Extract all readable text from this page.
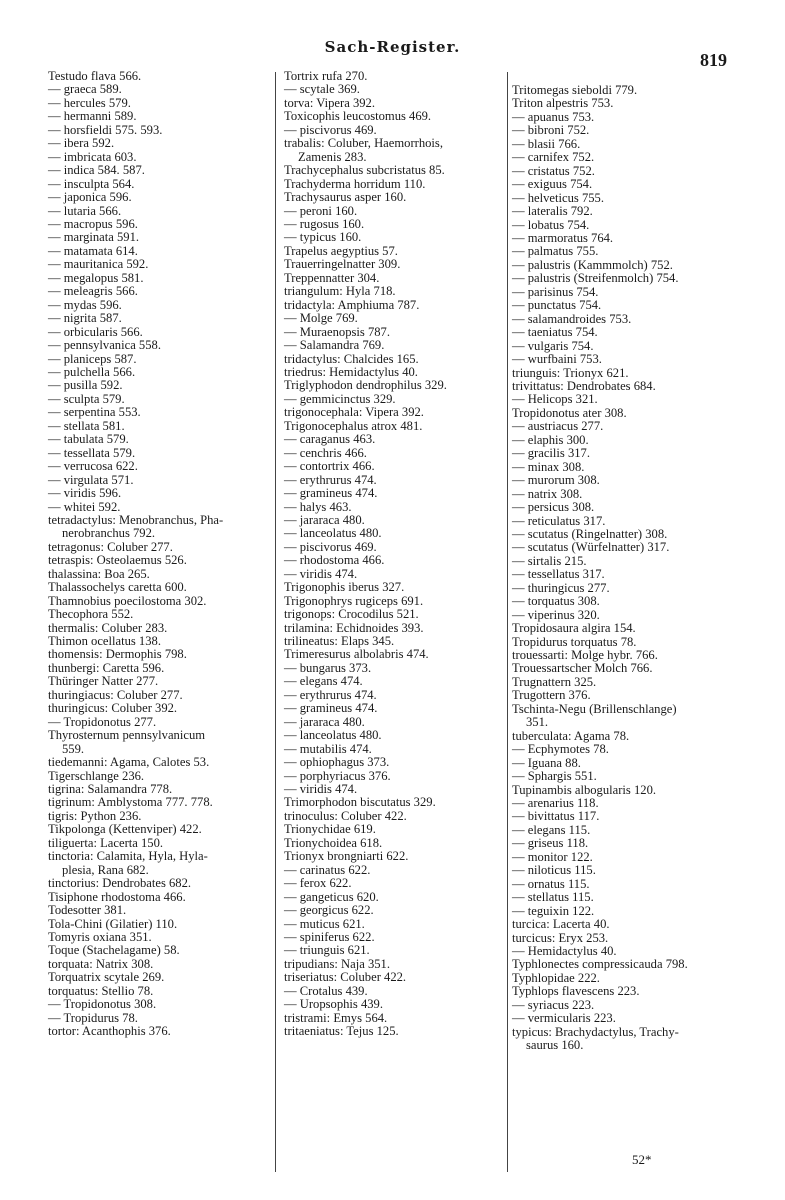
Sach-Register.
819
Testudo flava 566.
— graeca 589.
— hercules 579.
— hermanni 589.
— horsfieldi 575. 593.
— ibera 592.
— imbricata 603.
— indica 584. 587.
— insculpta 564.
— japonica 596.
— lutaria 566.
— macropus 596.
— marginata 591.
— matamata 614.
— mauritanica 592.
— megalopus 581.
— meleagris 566.
— mydas 596.
— nigrita 587.
— orbicularis 566.
— pennsylvanica 558.
— planiceps 587.
— pulchella 566.
— pusilla 592.
— sculpta 579.
— serpentina 553.
— stellata 581.
— tabulata 579.
— tessellata 579.
— verrucosa 622.
— virgulata 571.
— viridis 596.
— whitei 592.
tetradactylus: Menobranchus, Pha-
nerobranchus 792.
tetragonus: Coluber 277.
tetraspis: Osteolaemus 526.
thalassina: Boa 265.
Thalassochelys caretta 600.
Thamnobius poecilostoma 302.
Thecophora 552.
thermalis: Coluber 283.
Thimon ocellatus 138.
thomensis: Dermophis 798.
thunbergi: Caretta 596.
Thüringer Natter 277.
thuringiacus: Coluber 277.
thuringicus: Coluber 392.
— Tropidonotus 277.
Thyrosternum pennsylvanicum
559.
tiedemanni: Agama, Calotes 53.
Tigerschlange 236.
tigrina: Salamandra 778.
tigrinum: Amblystoma 777. 778.
tigris: Python 236.
Tikpolonga (Kettenviper) 422.
tiliguerta: Lacerta 150.
tinctoria: Calamita, Hyla, Hyla-
plesia, Rana 682.
tinctorius: Dendrobates 682.
Tisiphone rhodostoma 466.
Todesotter 381.
Tola-Chini (Gilatier) 110.
Tomyris oxiana 351.
Toque (Stachelagame) 58.
torquata: Natrix 308.
Torquatrix scytale 269.
torquatus: Stellio 78.
— Tropidonotus 308.
— Tropidurus 78.
tortor: Acanthophis 376.
Tortrix rufa 270.
— scytale 369.
torva: Vipera 392.
Toxicophis leucostomus 469.
— piscivorus 469.
trabalis: Coluber, Haemorrhois,
Zamenis 283.
Trachycephalus subcristatus 85.
Trachyderma horridum 110.
Trachysaurus asper 160.
— peroni 160.
— rugosus 160.
— typicus 160.
Trapelus aegyptius 57.
Trauerringelnatter 309.
Treppennatter 304.
triangulum: Hyla 718.
tridactyla: Amphiuma 787.
— Molge 769.
— Muraenopsis 787.
— Salamandra 769.
tridactylus: Chalcides 165.
triedrus: Hemidactylus 40.
Triglyphodon dendrophilus 329.
— gemmicinctus 329.
trigonocephala: Vipera 392.
Trigonocephalus atrox 481.
— caraganus 463.
— cenchris 466.
— contortrix 466.
— erythrurus 474.
— gramineus 474.
— halys 463.
— jararaca 480.
— lanceolatus 480.
— piscivorus 469.
— rhodostoma 466.
— viridis 474.
Trigonophis iberus 327.
Trigonophrys rugiceps 691.
trigonops: Crocodilus 521.
trilamina: Echidnoides 393.
trilineatus: Elaps 345.
Trimeresurus albolabris 474.
— bungarus 373.
— elegans 474.
— erythrurus 474.
— gramineus 474.
— jararaca 480.
— lanceolatus 480.
— mutabilis 474.
— ophiophagus 373.
— porphyriacus 376.
— viridis 474.
Trimorphodon biscutatus 329.
trinoculus: Coluber 422.
Trionychidae 619.
Trionychoidea 618.
Trionyx brongniarti 622.
— carinatus 622.
— ferox 622.
— gangeticus 620.
— georgicus 622.
— muticus 621.
— spiniferus 622.
— triunguis 621.
tripudians: Naja 351.
triseriatus: Coluber 422.
— Crotalus 439.
— Uropsophis 439.
tristrami: Emys 564.
tritaeniatus: Tejus 125.
Tritomegas sieboldi 779.
Triton alpestris 753.
— apuanus 753.
— bibroni 752.
— blasii 766.
— carnifex 752.
— cristatus 752.
— exiguus 754.
— helveticus 755.
— lateralis 792.
— lobatus 754.
— marmoratus 764.
— palmatus 755.
— palustris (Kammmolch) 752.
— palustris (Streifenmolch) 754.
— parisinus 754.
— punctatus 754.
— salamandroides 753.
— taeniatus 754.
— vulgaris 754.
— wurfbaini 753.
triunguis: Trionyx 621.
trivittatus: Dendrobates 684.
— Helicops 321.
Tropidonotus ater 308.
— austriacus 277.
— elaphis 300.
— gracilis 317.
— minax 308.
— murorum 308.
— natrix 308.
— persicus 308.
— reticulatus 317.
— scutatus (Ringelnatter) 308.
— scutatus (Würfelnatter) 317.
— sirtalis 215.
— tessellatus 317.
— thuringicus 277.
— torquatus 308.
— viperinus 320.
Tropidosaura algira 154.
Tropidurus torquatus 78.
trouessarti: Molge hybr. 766.
Trouessartscher Molch 766.
Trugnattern 325.
Trugottern 376.
Tschinta-Negu (Brillenschlange)
351.
tuberculata: Agama 78.
— Ecphymotes 78.
— Iguana 88.
— Sphargis 551.
Tupinambis albogularis 120.
— arenarius 118.
— bivittatus 117.
— elegans 115.
— griseus 118.
— monitor 122.
— niloticus 115.
— ornatus 115.
— stellatus 115.
— teguixin 122.
turcica: Lacerta 40.
turcicus: Eryx 253.
— Hemidactylus 40.
Typhlonectes compressicauda 798.
Typhlopidae 222.
Typhlops flavescens 223.
— syriacus 223.
— vermicularis 223.
typicus: Brachydactylus, Trachy-
saurus 160.
52*
